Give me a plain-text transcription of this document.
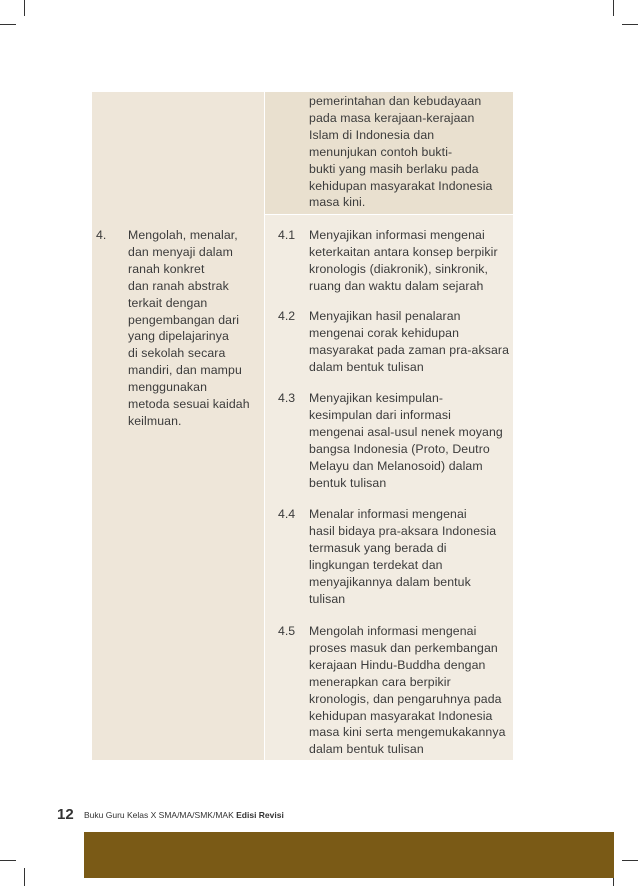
pemerintahan dan kebudayaan
pada masa kerajaan-kerajaan
Islam di Indonesia dan
menunjukan contoh bukti-
bukti yang masih berlaku pada
kehidupan masyarakat Indonesia
masa kini.
4. Mengolah, menalar,
dan menyaji dalam
ranah konkret
dan ranah abstrak
terkait dengan
pengembangan dari
yang dipelajarinya
di sekolah secara
mandiri, dan mampu
menggunakan
metoda sesuai kaidah
keilmuan.
4.1 Menyajikan informasi mengenai
keterkaitan antara konsep berpikir
kronologis (diakronik), sinkronik,
ruang dan waktu dalam sejarah
4.2 Menyajikan hasil penalaran
mengenai corak kehidupan
masyarakat pada zaman pra-aksara
dalam bentuk tulisan
4.3 Menyajikan kesimpulan-
kesimpulan dari informasi
mengenai asal-usul nenek moyang
bangsa Indonesia (Proto, Deutro
Melayu dan Melanosoid) dalam
bentuk tulisan
4.4 Menalar informasi mengenai
hasil bidaya pra-aksara Indonesia
termasuk yang berada di
lingkungan terdekat dan
menyajikannya dalam bentuk
tulisan
4.5 Mengolah informasi mengenai
proses masuk dan perkembangan
kerajaan Hindu-Buddha dengan
menerapkan cara berpikir
kronologis, dan pengaruhnya pada
kehidupan masyarakat Indonesia
masa kini serta mengemukakannya
dalam bentuk tulisan
12 Buku Guru Kelas X SMA/MA/SMK/MAK Edisi Revisi
